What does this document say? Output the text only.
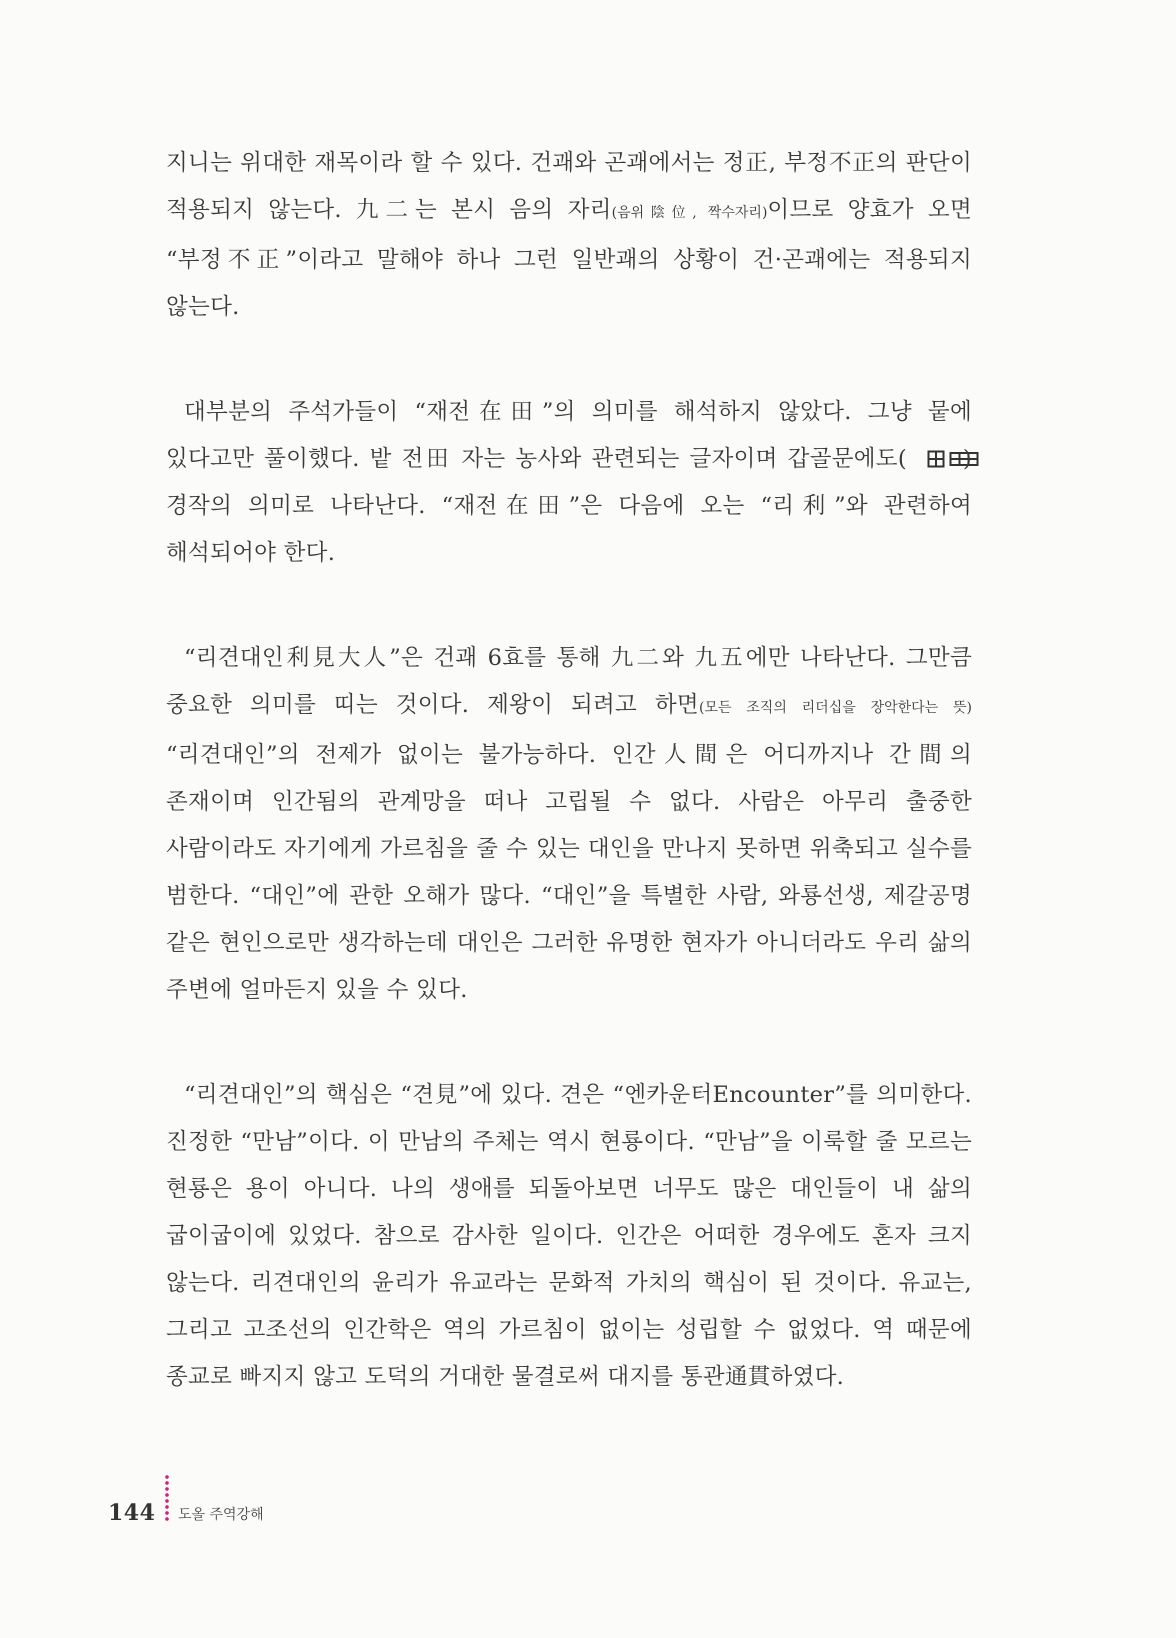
지니는 위대한 재목이라 할 수 있다. 건괘와 곤괘에서는 정正, 부정不正의 판단이 적용되지 않는다. 九二는 본시 음의 자리(음위陰位, 짝수자리)이므로 양효가 오면 “부정不正”이라고 말해야 하나 그런 일반괘의 상황이 건·곤괘에는 적용되지 않는다.

대부분의 주석가들이 “재전在田”의 의미를 해석하지 않았다. 그냥 뭍에 있다고만 풀이했다. 밭 전田 자는 농사와 관련되는 글자이며 갑골문에도( ) 경작의 의미로 나타난다. “재전在田”은 다음에 오는 “리利”와 관련하여 해석되어야 한다.

“리견대인利見大人”은 건괘 6효를 통해 九二와 九五에만 나타난다. 그만큼 중요한 의미를 띠는 것이다. 제왕이 되려고 하면(모든 조직의 리더십을 장악한다는 뜻) “리견대인”의 전제가 없이는 불가능하다. 인간人間은 어디까지나 간間의 존재이며 인간됨의 관계망을 떠나 고립될 수 없다. 사람은 아무리 출중한 사람이라도 자기에게 가르침을 줄 수 있는 대인을 만나지 못하면 위축되고 실수를 범한다. “대인”에 관한 오해가 많다. “대인”을 특별한 사람, 와룡선생, 제갈공명 같은 현인으로만 생각하는데 대인은 그러한 유명한 현자가 아니더라도 우리 삶의 주변에 얼마든지 있을 수 있다.

“리견대인”의 핵심은 “견見”에 있다. 견은 “엔카운터Encounter”를 의미한다. 진정한 “만남”이다. 이 만남의 주체는 역시 현룡이다. “만남”을 이룩할 줄 모르는 현룡은 용이 아니다. 나의 생애를 되돌아보면 너무도 많은 대인들이 내 삶의 굽이굽이에 있었다. 참으로 감사한 일이다. 인간은 어떠한 경우에도 혼자 크지 않는다. 리견대인의 윤리가 유교라는 문화적 가치의 핵심이 된 것이다. 유교는, 그리고 고조선의 인간학은 역의 가르침이 없이는 성립할 수 없었다. 역 때문에 종교로 빠지지 않고 도덕의 거대한 물결로써 대지를 통관通貫하였다.

144 도올 주역강해
